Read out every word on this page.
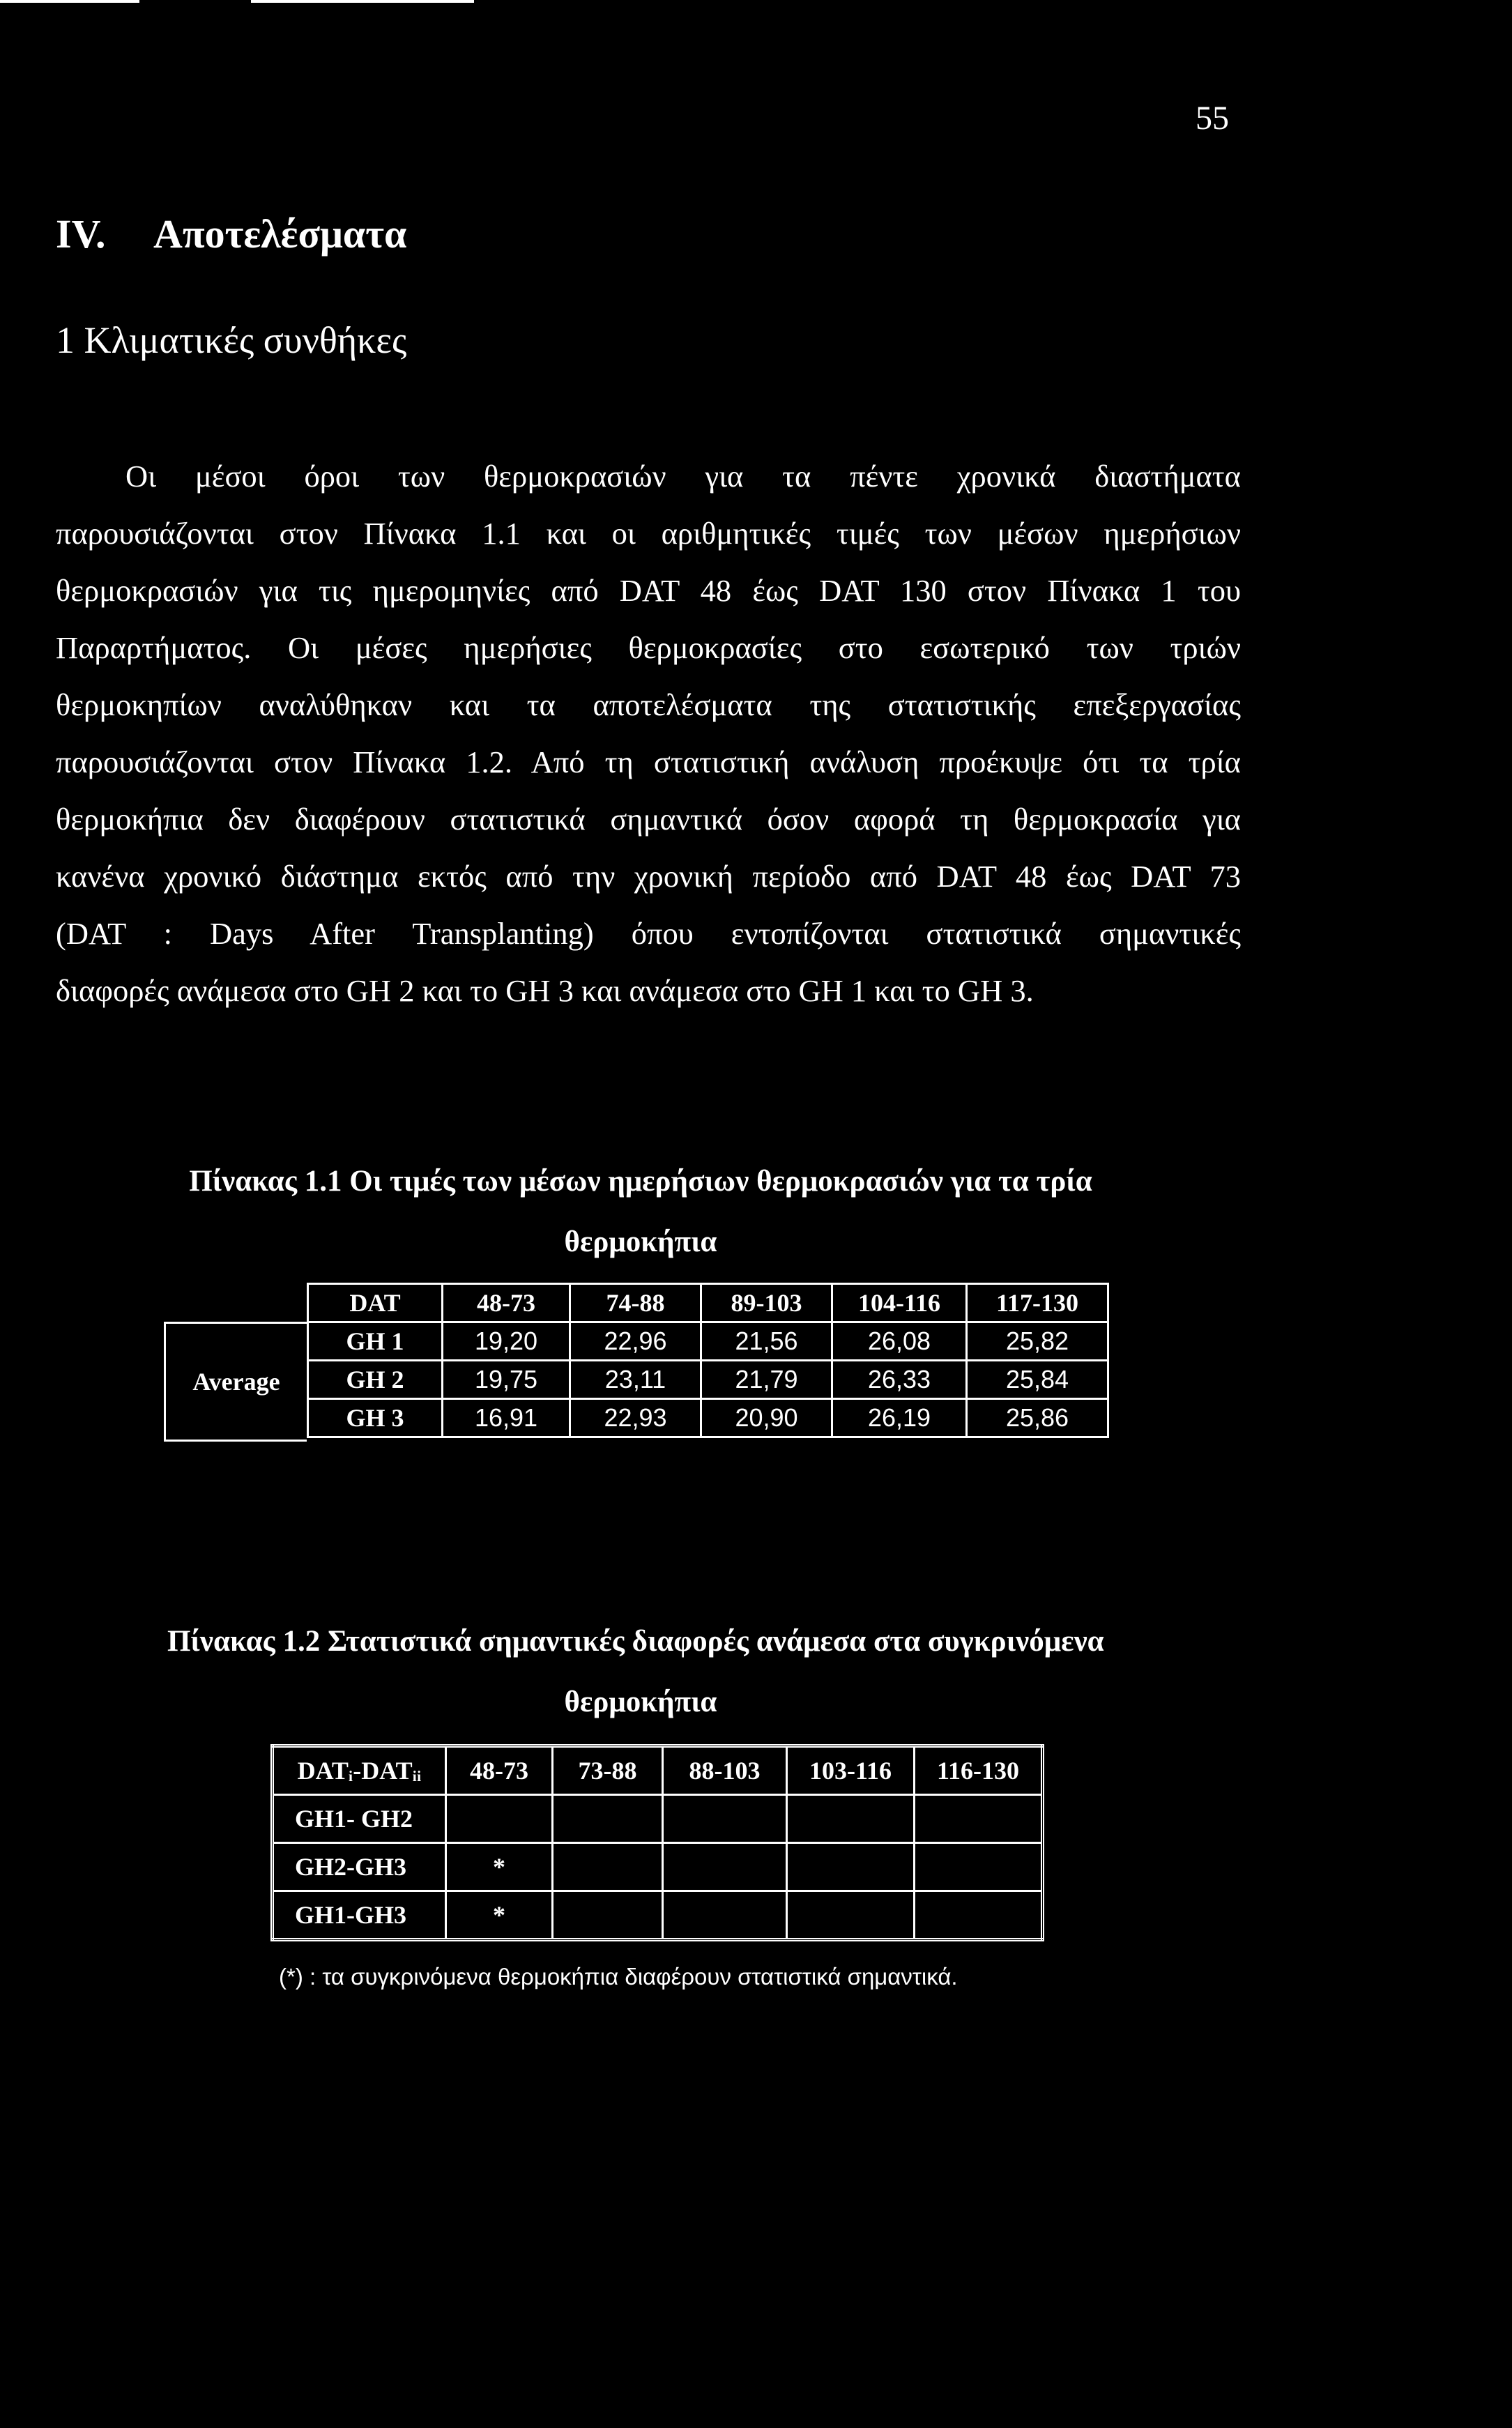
55
IV. Αποτελέσματα
1 Κλιματικές συνθήκες
Οι μέσοι όροι των θερμοκρασιών για τα πέντε χρονικά διαστήματα
παρουσιάζονται στον Πίνακα 1.1 και οι αριθμητικές τιμές των μέσων ημερήσιων
θερμοκρασιών για τις ημερομηνίες από DAT 48 έως DAT 130 στον Πίνακα 1 του
Παραρτήματος. Οι μέσες ημερήσιες θερμοκρασίες στο εσωτερικό των τριών
θερμοκηπίων αναλύθηκαν και τα αποτελέσματα της στατιστικής επεξεργασίας
παρουσιάζονται στον Πίνακα 1.2. Από τη στατιστική ανάλυση προέκυψε ότι τα τρία
θερμοκήπια δεν διαφέρουν στατιστικά σημαντικά όσον αφορά τη θερμοκρασία για
κανένα χρονικό διάστημα εκτός από την χρονική περίοδο από DAT 48 έως DAT 73
(DAT : Days After Transplanting) όπου εντοπίζονται στατιστικά σημαντικές
διαφορές ανάμεσα στο GH 2 και το GH 3 και ανάμεσα στο GH 1 και το GH 3.
Πίνακας 1.1 Οι τιμές των μέσων ημερήσιων θερμοκρασιών για τα τρία
θερμοκήπια
Average
DAT	48-73	74-88	89-103	104-116	117-130
GH 1	19,20	22,96	21,56	26,08	25,82
GH 2	19,75	23,11	21,79	26,33	25,84
GH 3	16,91	22,93	20,90	26,19	25,86
Πίνακας 1.2 Στατιστικά σημαντικές διαφορές ανάμεσα στα συγκρινόμενα
θερμοκήπια
DATᵢ-DATᵢᵢ	48-73	73-88	88-103	103-116	116-130
GH1- GH2					
GH2-GH3	*				
GH1-GH3	*				
(*) : τα συγκρινόμενα θερμοκήπια διαφέρουν στατιστικά σημαντικά.
